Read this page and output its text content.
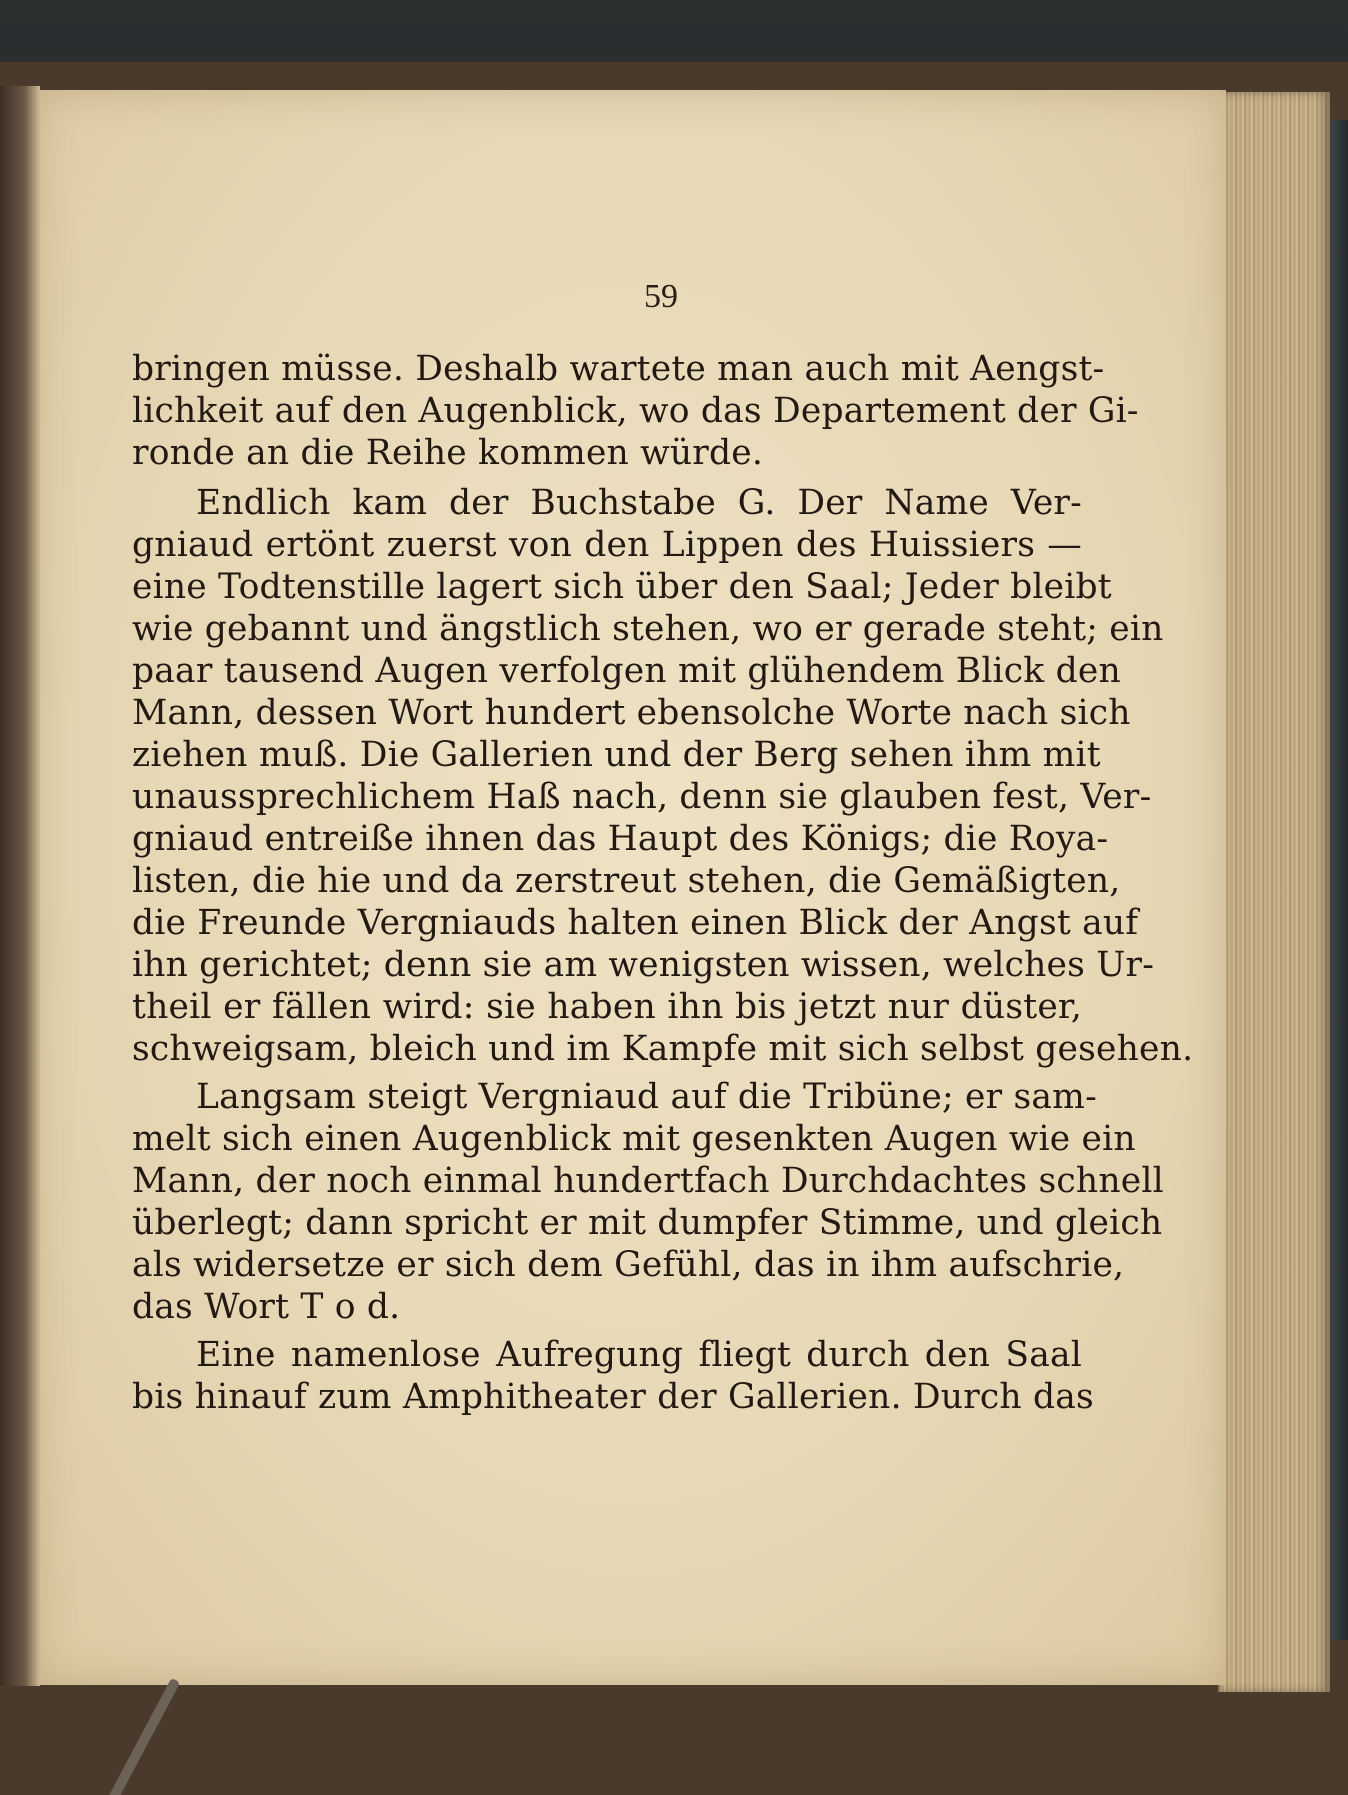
59
bringen müsse. Deshalb wartete man auch mit Aengst-
lichkeit auf den Augenblick, wo das Departement der Gi-
ronde an die Reihe kommen würde.
Endlich kam der Buchstabe G. Der Name Ver-
gniaud ertönt zuerst von den Lippen des Huissiers —
eine Todtenstille lagert sich über den Saal; Jeder bleibt
wie gebannt und ängstlich stehen, wo er gerade steht; ein
paar tausend Augen verfolgen mit glühendem Blick den
Mann, dessen Wort hundert ebensolche Worte nach sich
ziehen muß. Die Gallerien und der Berg sehen ihm mit
unaussprechlichem Haß nach, denn sie glauben fest, Ver-
gniaud entreiße ihnen das Haupt des Königs; die Roya-
listen, die hie und da zerstreut stehen, die Gemäßigten,
die Freunde Vergniauds halten einen Blick der Angst auf
ihn gerichtet; denn sie am wenigsten wissen, welches Ur-
theil er fällen wird: sie haben ihn bis jetzt nur düster,
schweigsam, bleich und im Kampfe mit sich selbst gesehen.
Langsam steigt Vergniaud auf die Tribüne; er sam-
melt sich einen Augenblick mit gesenkten Augen wie ein
Mann, der noch einmal hundertfach Durchdachtes schnell
überlegt; dann spricht er mit dumpfer Stimme, und gleich
als widersetze er sich dem Gefühl, das in ihm aufschrie,
das Wort T o d.
Eine namenlose Aufregung fliegt durch den Saal
bis hinauf zum Amphitheater der Gallerien. Durch das
